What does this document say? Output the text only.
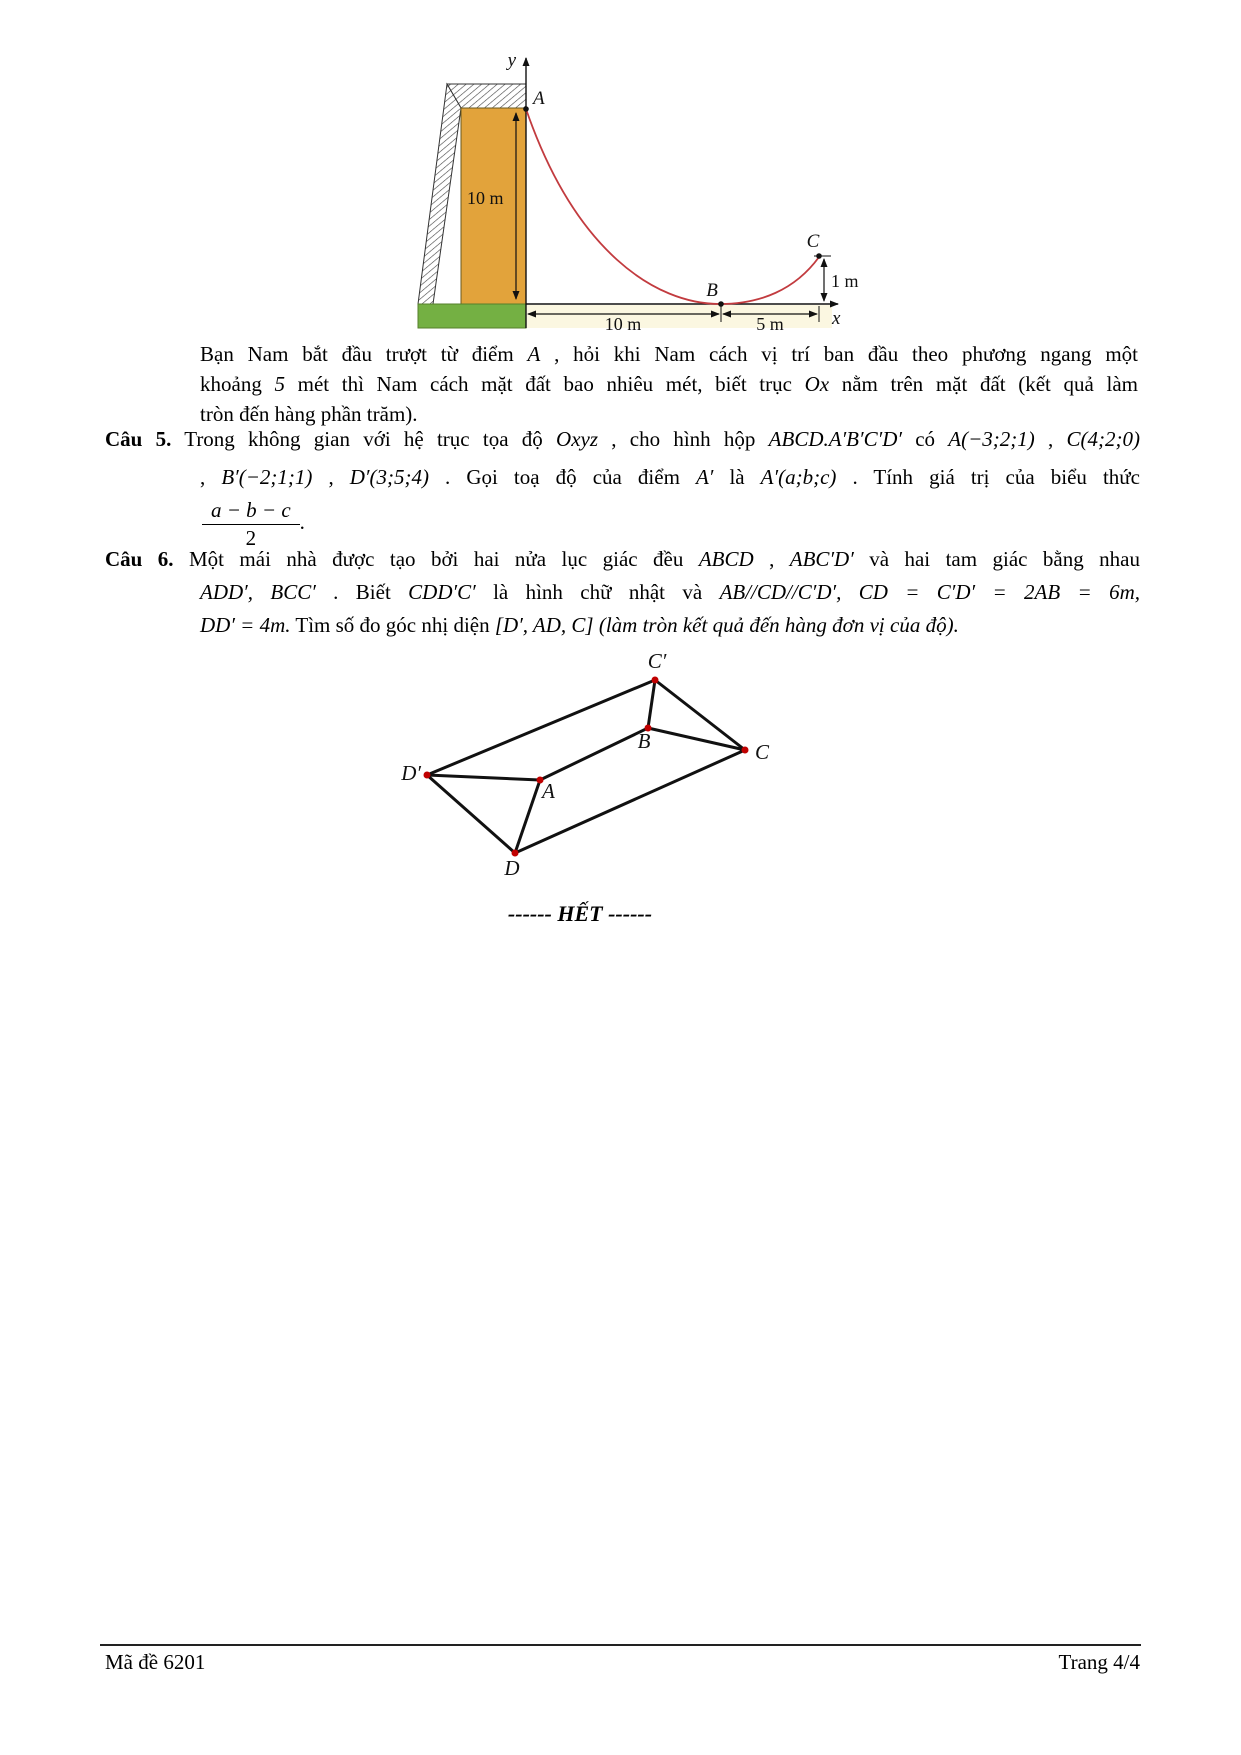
y
x
A
B
C
10 m
10 m	5 m
1 m
Bạn Nam bắt đầu trượt từ điểm A , hỏi khi Nam cách vị trí ban đầu theo phương ngang một
khoảng 5 mét thì Nam cách mặt đất bao nhiêu mét, biết trục Ox nằm trên mặt đất (kết quả làm
tròn đến hàng phần trăm).
Câu 5. Trong không gian với hệ trục tọa độ Oxyz , cho hình hộp ABCD.A′B′C′D′ có A(−3;2;1) , C(4;2;0)
, B′(−2;1;1) , D′(3;5;4) . Gọi toạ độ của điểm A′ là A′(a;b;c) . Tính giá trị của biểu thức
$\frac{a - b - c}{2}$ .
Câu 6. Một mái nhà được tạo bởi hai nửa lục giác đều ABCD , ABC′D′ và hai tam giác bằng nhau
ADD′, BCC′ . Biết CDD′C′ là hình chữ nhật và AB//CD//C′D′, CD = C′D′ = 2AB = 6m,
DD′ = 4m. Tìm số đo góc nhị diện [D′, AD, C] (làm tròn kết quả đến hàng đơn vị của độ).
C′
B	C
D′
A
D
------ HẾT ------
Mã đề 6201	Trang 4/4
